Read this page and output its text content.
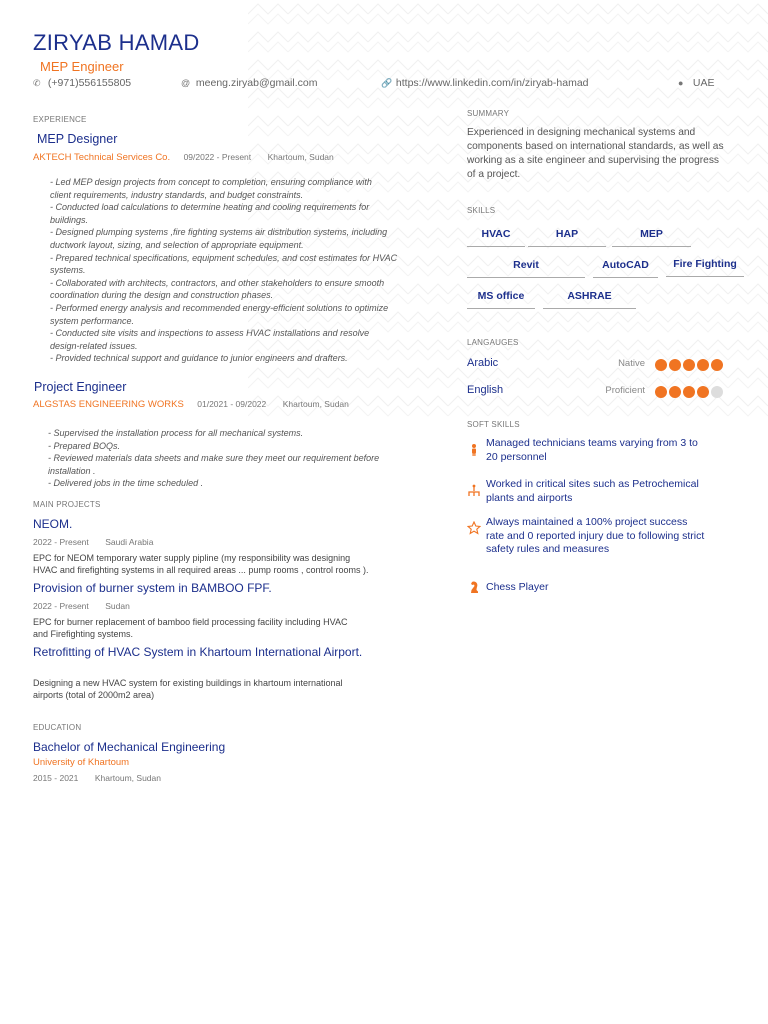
ZIRYAB HAMAD
MEP Engineer
✆ (+971)556155805	@ meeng.ziryab@gmail.com	🔗 https://www.linkedin.com/in/ziryab-hamad	● UAE
EXPERIENCE
MEP Designer
AKTECH Technical Services Co. 09/2022 - Present Khartoum, Sudan
- Led MEP design projects from concept to completion, ensuring compliance with
client requirements, industry standards, and budget constraints.
- Conducted load calculations to determine heating and cooling requirements for
buildings.
- Designed plumping systems ,fire fighting systems air distribution systems, including
ductwork layout, sizing, and selection of appropriate equipment.
- Prepared technical specifications, equipment schedules, and cost estimates for HVAC
systems.
- Collaborated with architects, contractors, and other stakeholders to ensure smooth
coordination during the design and construction phases.
- Performed energy analysis and recommended energy-efficient solutions to optimize
system performance.
- Conducted site visits and inspections to assess HVAC installations and resolve
design-related issues.
- Provided technical support and guidance to junior engineers and drafters.
Project Engineer
ALGSTAS ENGINEERING WORKS 01/2021 - 09/2022 Khartoum, Sudan
- Supervised the installation process for all mechanical systems.
- Prepared BOQs.
- Reviewed materials data sheets and make sure they meet our requirement before
installation .
- Delivered jobs in the time scheduled .
MAIN PROJECTS
NEOM.
2022 - Present Saudi Arabia
EPC for NEOM temporary water supply pipline (my responsibility was designing
HVAC and firefighting systems in all required areas ... pump rooms , control rooms ).
Provision of burner system in BAMBOO FPF.
2022 - Present Sudan
EPC for burner replacement of bamboo field processing facility including HVAC
and Firefighting systems.
Retrofitting of HVAC System in Khartoum International Airport.
Designing a new HVAC system for existing buildings in khartoum international
airports (total of 2000m2 area)
EDUCATION
Bachelor of Mechanical Engineering
University of Khartoum
2015 - 2021 Khartoum, Sudan
SUMMARY
Experienced in designing mechanical systems and components based on international standards, as well as working as a site engineer and supervising the progress of a project.
SKILLS
HVAC	HAP	MEP
Revit	AutoCAD	Fire Fighting
MS office	ASHRAE
LANGAUGES
Arabic	Native
English	Proficient
SOFT SKILLS
Managed technicians teams varying from 3 to 20 personnel
Worked in critical sites such as Petrochemical plants and airports
Always maintained a 100% project success rate and 0 reported injury due to following strict safety rules and measures
Chess Player
